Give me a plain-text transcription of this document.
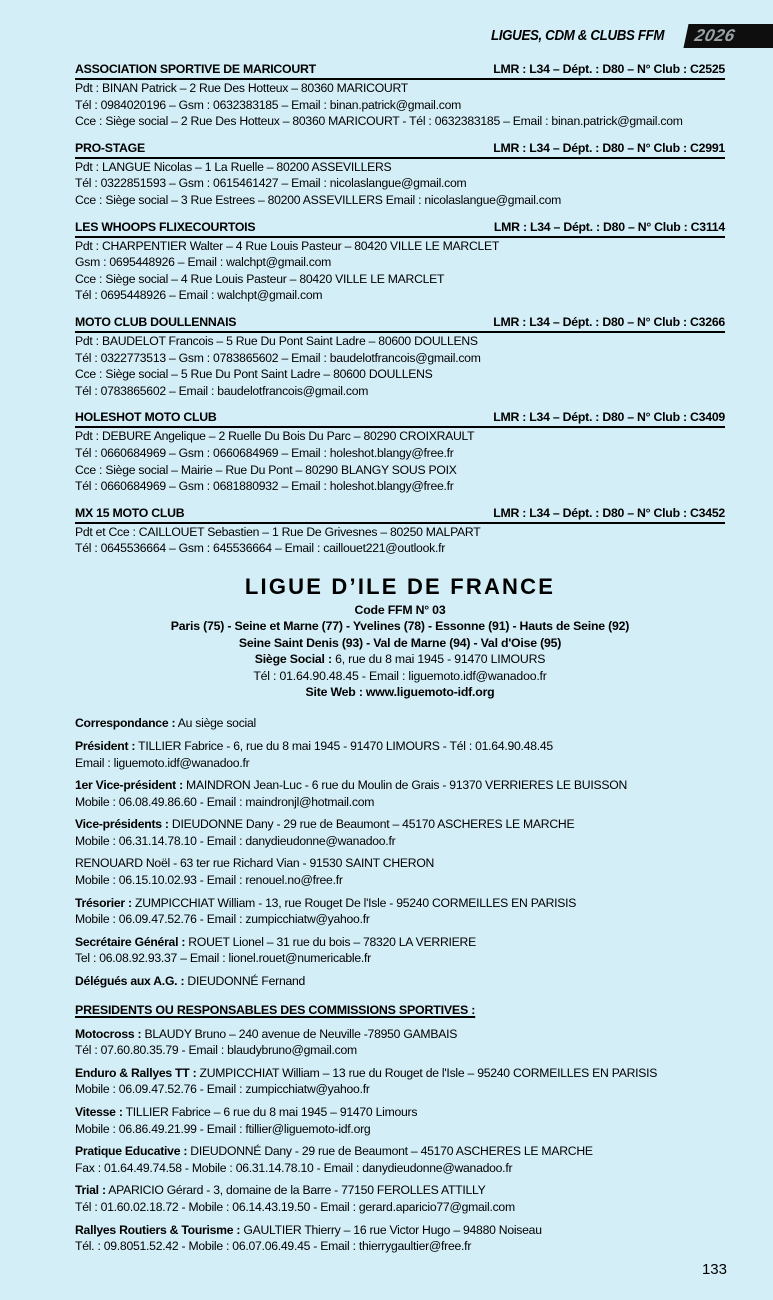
LIGUES, CDM & CLUBS FFM 2026
ASSOCIATION SPORTIVE DE MARICOURT	LMR : L34 – Dépt. : D80 – N° Club : C2525
Pdt : BINAN Patrick – 2 Rue Des Hotteux – 80360 MARICOURT
Tél : 0984020196 – Gsm : 0632383185 – Email : binan.patrick@gmail.com
Cce : Siège social – 2 Rue Des Hotteux – 80360 MARICOURT - Tél : 0632383185 – Email : binan.patrick@gmail.com
PRO-STAGE	LMR : L34 – Dépt. : D80 – N° Club : C2991
Pdt : LANGUE Nicolas – 1 La Ruelle – 80200 ASSEVILLERS
Tél : 0322851593 – Gsm : 0615461427 – Email : nicolaslangue@gmail.com
Cce : Siège social – 3 Rue Estrees – 80200 ASSEVILLERS Email : nicolaslangue@gmail.com
LES WHOOPS FLIXECOURTOIS	LMR : L34 – Dépt. : D80 – N° Club : C3114
Pdt : CHARPENTIER Walter – 4 Rue Louis Pasteur – 80420 VILLE LE MARCLET
Gsm : 0695448926 – Email : walchpt@gmail.com
Cce : Siège social – 4 Rue Louis Pasteur – 80420 VILLE LE MARCLET
Tél : 0695448926 – Email : walchpt@gmail.com
MOTO CLUB DOULLENNAIS	LMR : L34 – Dépt. : D80 – N° Club : C3266
Pdt : BAUDELOT Francois – 5 Rue Du Pont Saint Ladre – 80600 DOULLENS
Tél : 0322773513 – Gsm : 0783865602 – Email : baudelotfrancois@gmail.com
Cce : Siège social – 5 Rue Du Pont Saint Ladre – 80600 DOULLENS
Tél : 0783865602 – Email : baudelotfrancois@gmail.com
HOLESHOT MOTO CLUB	LMR : L34 – Dépt. : D80 – N° Club : C3409
Pdt : DEBURE Angelique – 2 Ruelle Du Bois Du Parc – 80290 CROIXRAULT
Tél : 0660684969 – Gsm : 0660684969 – Email : holeshot.blangy@free.fr
Cce : Siège social – Mairie – Rue Du Pont – 80290 BLANGY SOUS POIX
Tél : 0660684969 – Gsm : 0681880932 – Email : holeshot.blangy@free.fr
MX 15 MOTO CLUB	LMR : L34 – Dépt. : D80 – N° Club : C3452
Pdt et Cce : CAILLOUET Sebastien – 1 Rue De Grivesnes – 80250 MALPART
Tél : 0645536664 – Gsm : 645536664 – Email : caillouet221@outlook.fr
LIGUE D’ILE DE FRANCE
Code FFM N° 03
Paris (75) - Seine et Marne (77) - Yvelines (78) - Essonne (91) - Hauts de Seine (92)
Seine Saint Denis (93) - Val de Marne (94) - Val d'Oise (95)
Siège Social : 6, rue du 8 mai 1945 - 91470 LIMOURS
Tél : 01.64.90.48.45 - Email : liguemoto.idf@wanadoo.fr
Site Web : www.liguemoto-idf.org
Correspondance : Au siège social
Président : TILLIER Fabrice - 6, rue du 8 mai 1945 - 91470 LIMOURS - Tél : 01.64.90.48.45
Email : liguemoto.idf@wanadoo.fr
1er Vice-président : MAINDRON Jean-Luc - 6 rue du Moulin de Grais - 91370 VERRIERES LE BUISSON
Mobile : 06.08.49.86.60 - Email : maindronjl@hotmail.com
Vice-présidents : DIEUDONNE Dany - 29 rue de Beaumont – 45170 ASCHERES LE MARCHE
Mobile : 06.31.14.78.10 - Email : danydieudonne@wanadoo.fr
RENOUARD Noël - 63 ter rue Richard Vian - 91530 SAINT CHERON
Mobile : 06.15.10.02.93 - Email : renouel.no@free.fr
Trésorier : ZUMPICCHIAT William - 13, rue Rouget De l'Isle - 95240 CORMEILLES EN PARISIS
Mobile : 06.09.47.52.76 - Email : zumpicchiatw@yahoo.fr
Secrétaire Général : ROUET Lionel – 31 rue du bois – 78320 LA VERRIERE
Tel : 06.08.92.93.37 – Email : lionel.rouet@numericable.fr
Délégués aux A.G. : DIEUDONNÉ Fernand
PRESIDENTS OU RESPONSABLES DES COMMISSIONS SPORTIVES :
Motocross : BLAUDY Bruno – 240 avenue de Neuville -78950 GAMBAIS
Tél : 07.60.80.35.79 - Email : blaudybruno@gmail.com
Enduro & Rallyes TT : ZUMPICCHIAT William – 13 rue du Rouget de l'Isle – 95240 CORMEILLES EN PARISIS
Mobile : 06.09.47.52.76 - Email : zumpicchiatw@yahoo.fr
Vitesse : TILLIER Fabrice – 6 rue du 8 mai 1945 – 91470 Limours
Mobile : 06.86.49.21.99 - Email : ftillier@liguemoto-idf.org
Pratique Educative : DIEUDONNÉ Dany - 29 rue de Beaumont – 45170 ASCHERES LE MARCHE
Fax : 01.64.49.74.58 - Mobile : 06.31.14.78.10 - Email : danydieudonne@wanadoo.fr
Trial : APARICIO Gérard - 3, domaine de la Barre - 77150 FEROLLES ATTILLY
Tél : 01.60.02.18.72 - Mobile : 06.14.43.19.50 - Email : gerard.aparicio77@gmail.com
Rallyes Routiers & Tourisme : GAULTIER Thierry – 16 rue Victor Hugo – 94880 Noiseau
Tél. : 09.8051.52.42 - Mobile : 06.07.06.49.45 - Email : thierrygaultier@free.fr
133
